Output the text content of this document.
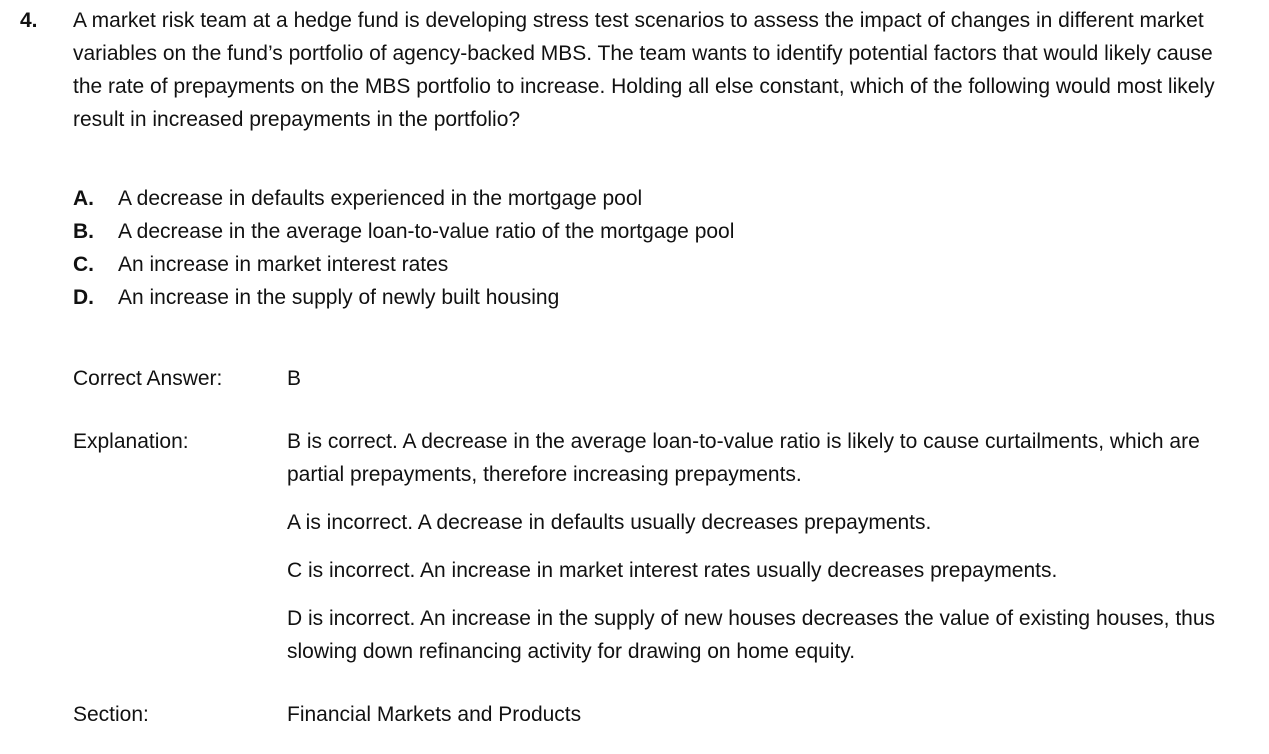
4. A market risk team at a hedge fund is developing stress test scenarios to assess the impact of changes in different market variables on the fund’s portfolio of agency-backed MBS. The team wants to identify potential factors that would likely cause the rate of prepayments on the MBS portfolio to increase. Holding all else constant, which of the following would most likely result in increased prepayments in the portfolio?
A.	A decrease in defaults experienced in the mortgage pool
B.	A decrease in the average loan-to-value ratio of the mortgage pool
C.	An increase in market interest rates
D.	An increase in the supply of newly built housing
Correct Answer:	B
Explanation:	B is correct. A decrease in the average loan-to-value ratio is likely to cause curtailments, which are partial prepayments, therefore increasing prepayments.

A is incorrect. A decrease in defaults usually decreases prepayments.

C is incorrect. An increase in market interest rates usually decreases prepayments.

D is incorrect. An increase in the supply of new houses decreases the value of existing houses, thus slowing down refinancing activity for drawing on home equity.

Section:	Financial Markets and Products
